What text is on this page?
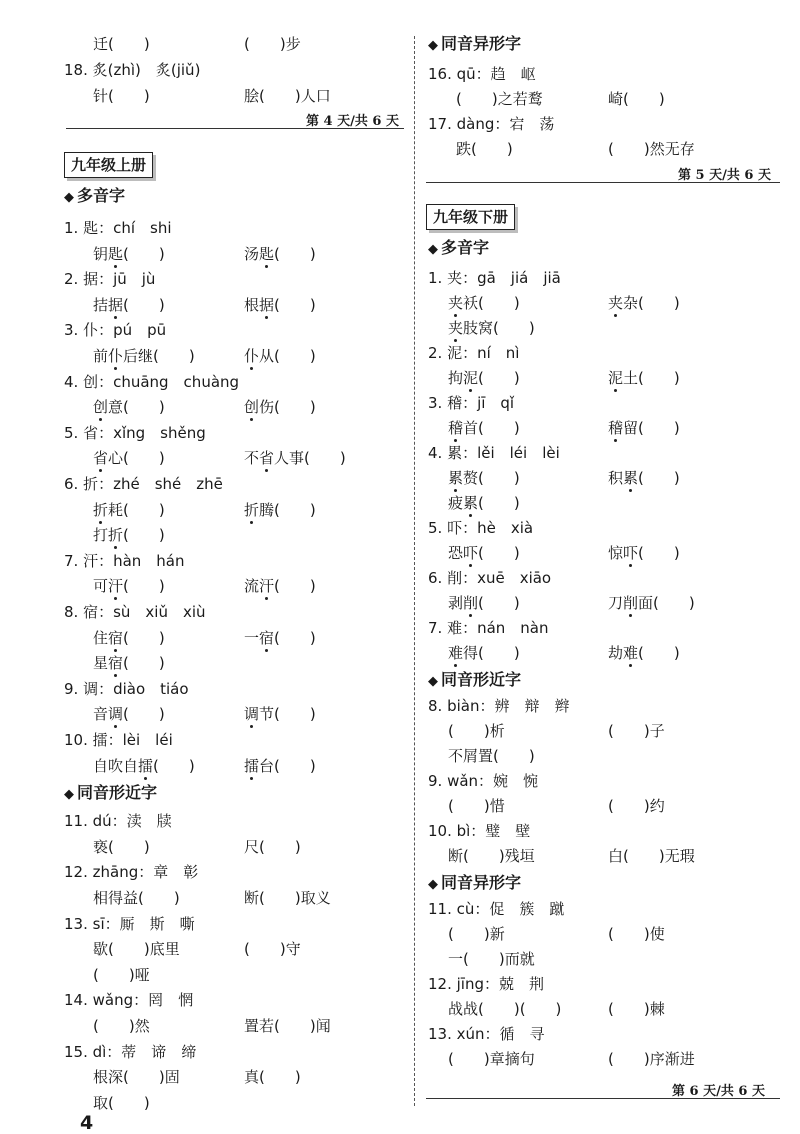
迁(　　)	(　　)步
18. 炙(zhì)　炙(jiǔ)
针(　　)	脍(　　)人口
第 4 天/共 6 天
九年级上册
◆ 多音字
1. 匙：chí　shi
钥匙(　　)	汤匙(　　)
2. 据：jū　jù
拮据(　　)	根据(　　)
3. 仆：pú　pū
前仆后继(　　)	仆从(　　)
4. 创：chuāng　chuàng
创意(　　)	创伤(　　)
5. 省：xǐng　shěng
省心(　　)	不省人事(　　)
6. 折：zhé　shé　zhē
折耗(　　)	折腾(　　)
打折(　　)
7. 汗：hàn　hán
可汗(　　)	流汗(　　)
8. 宿：sù　xiǔ　xiù
住宿(　　)	一宿(　　)
星宿(　　)
9. 调：diào　tiáo
音调(　　)	调节(　　)
10. 擂：lèi　léi
自吹自擂(　　)	擂台(　　)
◆ 同音形近字
11. dú：渎　牍
亵(　　)	尺(　　)
12. zhāng：章　彰
相得益(　　)	断(　　)取义
13. sī：厮　斯　嘶
歇(　　)底里	(　　)守
(　　)哑
14. wǎng：罔　惘
(　　)然	置若(　　)闻
15. dì：蒂　谛　缔
根深(　　)固	真(　　)
取(　　)
4
◆ 同音异形字
16. qū：趋　岖
(　　)之若鹜	崎(　　)
17. dàng：宕　荡
跌(　　)	(　　)然无存
第 5 天/共 6 天
九年级下册
◆ 多音字
1. 夹：gā　jiá　jiā
夹袄(　　)	夹杂(　　)
夹肢窝(　　)
2. 泥：ní　nì
拘泥(　　)	泥土(　　)
3. 稽：jī　qǐ
稽首(　　)	稽留(　　)
4. 累：lěi　léi　lèi
累赘(　　)	积累(　　)
疲累(　　)
5. 吓：hè　xià
恐吓(　　)	惊吓(　　)
6. 削：xuē　xiāo
剥削(　　)	刀削面(　　)
7. 难：nán　nàn
难得(　　)	劫难(　　)
◆ 同音形近字
8. biàn：辨　辩　辫
(　　)析	(　　)子
不屑置(　　)
9. wǎn：婉　惋
(　　)惜	(　　)约
10. bì：璧　壁
断(　　)残垣	白(　　)无瑕
◆ 同音异形字
11. cù：促　簇　蹴
(　　)新	(　　)使
一(　　)而就
12. jīng：兢　荆
战战(　　)(　　)	(　　)棘
13. xún：循　寻
(　　)章摘句	(　　)序渐进
第 6 天/共 6 天
